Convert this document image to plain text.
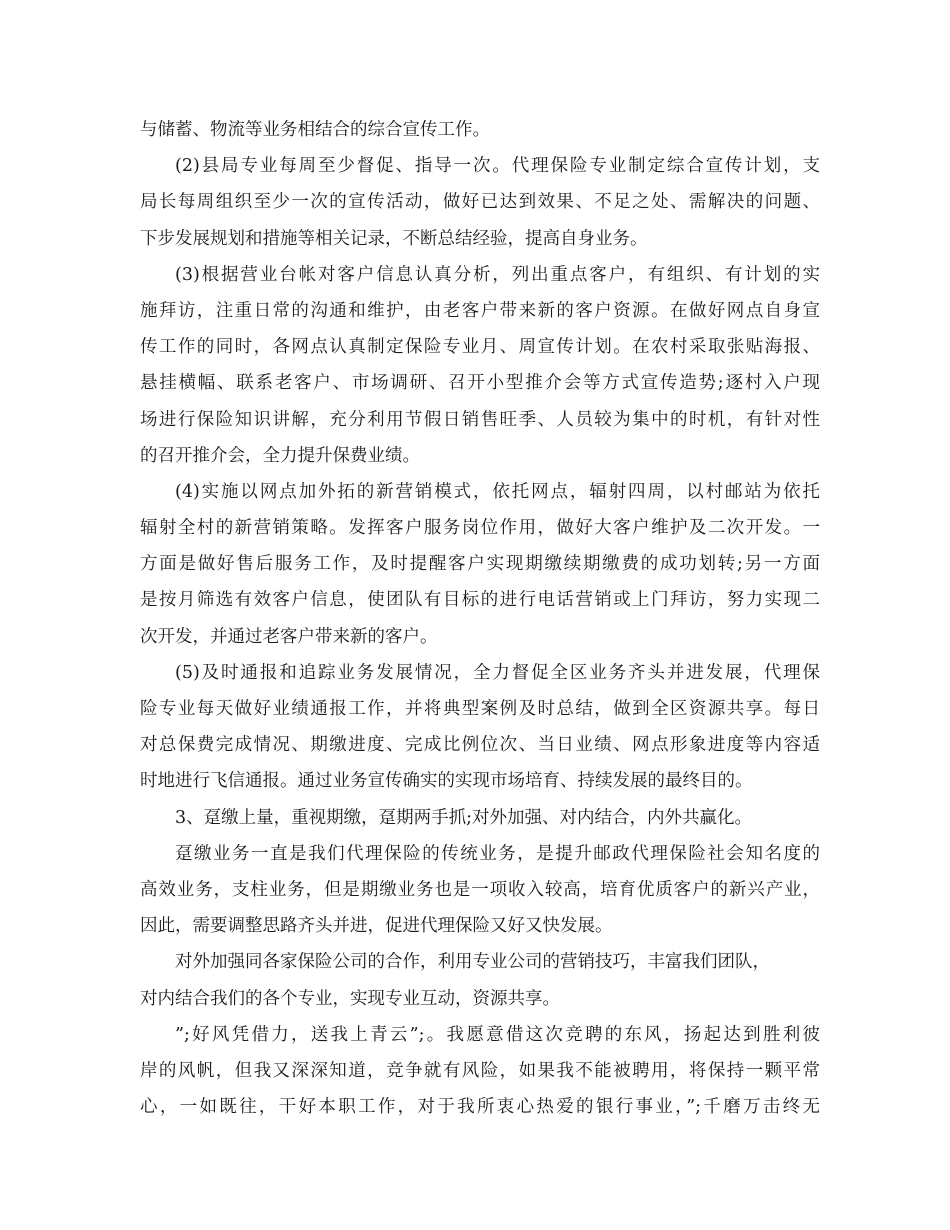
与储蓄、物流等业务相结合的综合宣传工作。
(2)县局专业每周至少督促、指导一次。代理保险专业制定综合宣传计划，支
局长每周组织至少一次的宣传活动，做好已达到效果、不足之处、需解决的问题、
下步发展规划和措施等相关记录，不断总结经验，提高自身业务。
(3)根据营业台帐对客户信息认真分析，列出重点客户，有组织、有计划的实
施拜访，注重日常的沟通和维护，由老客户带来新的客户资源。在做好网点自身宣
传工作的同时，各网点认真制定保险专业月、周宣传计划。在农村采取张贴海报、
悬挂横幅、联系老客户、市场调研、召开小型推介会等方式宣传造势;逐村入户现
场进行保险知识讲解，充分利用节假日销售旺季、人员较为集中的时机，有针对性
的召开推介会，全力提升保费业绩。
(4)实施以网点加外拓的新营销模式，依托网点，辐射四周，以村邮站为依托
辐射全村的新营销策略。发挥客户服务岗位作用，做好大客户维护及二次开发。一
方面是做好售后服务工作，及时提醒客户实现期缴续期缴费的成功划转;另一方面
是按月筛选有效客户信息，使团队有目标的进行电话营销或上门拜访，努力实现二
次开发，并通过老客户带来新的客户。
(5)及时通报和追踪业务发展情况，全力督促全区业务齐头并进发展，代理保
险专业每天做好业绩通报工作，并将典型案例及时总结，做到全区资源共享。每日
对总保费完成情况、期缴进度、完成比例位次、当日业绩、网点形象进度等内容适
时地进行飞信通报。通过业务宣传确实的实现市场培育、持续发展的最终目的。
3、趸缴上量，重视期缴，趸期两手抓;对外加强、对内结合，内外共赢化。
趸缴业务一直是我们代理保险的传统业务，是提升邮政代理保险社会知名度的
高效业务，支柱业务，但是期缴业务也是一项收入较高，培育优质客户的新兴产业，
因此，需要调整思路齐头并进，促进代理保险又好又快发展。
对外加强同各家保险公司的合作，利用专业公司的营销技巧，丰富我们团队，
对内结合我们的各个专业，实现专业互动，资源共享。
”;好风凭借力，送我上青云”;。我愿意借这次竞聘的东风，扬起达到胜利彼
岸的风帆，但我又深深知道，竞争就有风险，如果我不能被聘用，将保持一颗平常
心，一如既往，干好本职工作，对于我所衷心热爱的银行事业，”;千磨万击终无
